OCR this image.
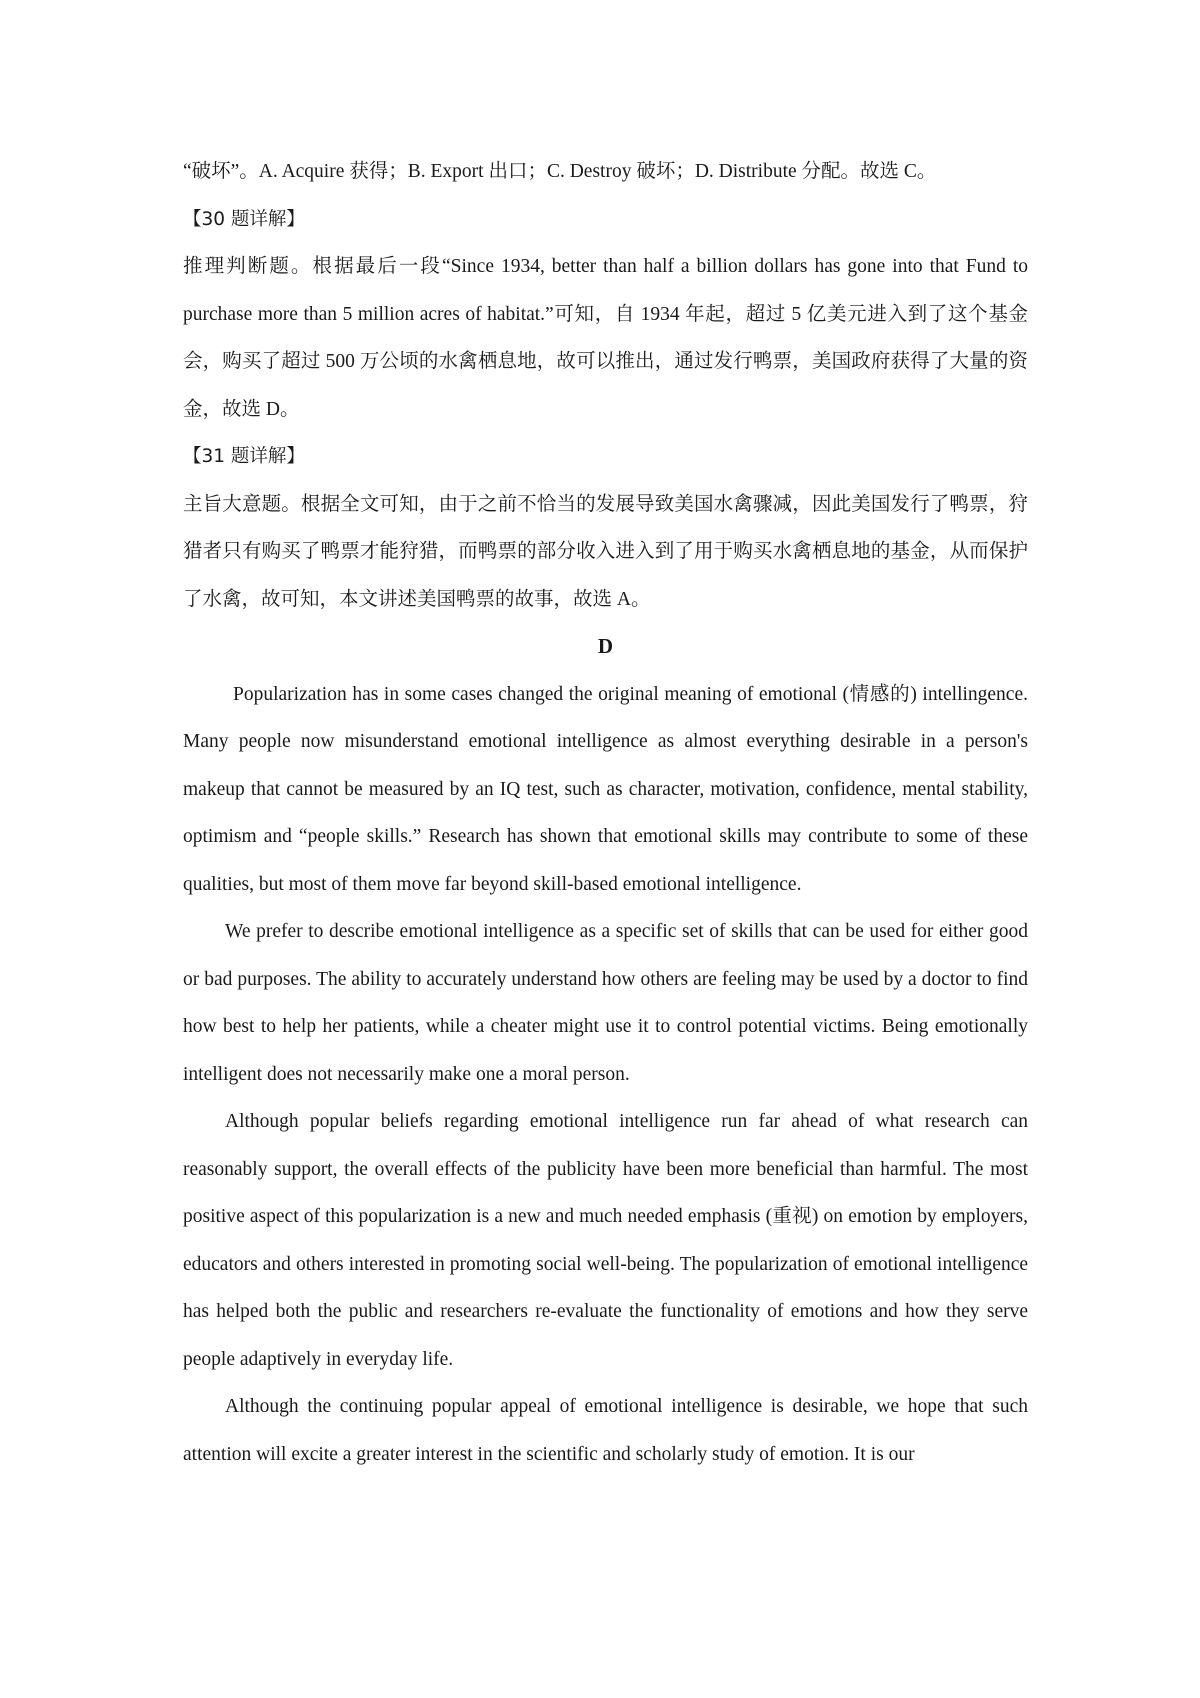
“破坏”。A. Acquire 获得；B. Export 出口；C. Destroy 破坏；D. Distribute 分配。故选 C。

【30 题详解】

推理判断题。根据最后一段“Since 1934, better than half a billion dollars has gone into that Fund to purchase more than 5 million acres of habitat.”可知，自 1934 年起，超过 5 亿美元进入到了这个基金会，购买了超过 500 万公顷的水禽栖息地，故可以推出，通过发行鸭票，美国政府获得了大量的资金，故选 D。

【31 题详解】

主旨大意题。根据全文可知，由于之前不恰当的发展导致美国水禽骤减，因此美国发行了鸭票，狩猎者只有购买了鸭票才能狩猎，而鸭票的部分收入进入到了用于购买水禽栖息地的基金，从而保护了水禽，故可知，本文讲述美国鸭票的故事，故选 A。

D

Popularization has in some cases changed the original meaning of emotional (情感的) intellingence. Many people now misunderstand emotional intelligence as almost everything desirable in a person's makeup that cannot be measured by an IQ test, such as character, motivation, confidence, mental stability, optimism and “people skills.” Research has shown that emotional skills may contribute to some of these qualities, but most of them move far beyond skill-based emotional intelligence.

We prefer to describe emotional intelligence as a specific set of skills that can be used for either good or bad purposes. The ability to accurately understand how others are feeling may be used by a doctor to find how best to help her patients, while a cheater might use it to control potential victims. Being emotionally intelligent does not necessarily make one a moral person.

Although popular beliefs regarding emotional intelligence run far ahead of what research can reasonably support, the overall effects of the publicity have been more beneficial than harmful. The most positive aspect of this popularization is a new and much needed emphasis (重视) on emotion by employers, educators and others interested in promoting social well-being. The popularization of emotional intelligence has helped both the public and researchers re-evaluate the functionality of emotions and how they serve people adaptively in everyday life.

Although the continuing popular appeal of emotional intelligence is desirable, we hope that such attention will excite a greater interest in the scientific and scholarly study of emotion. It is our
